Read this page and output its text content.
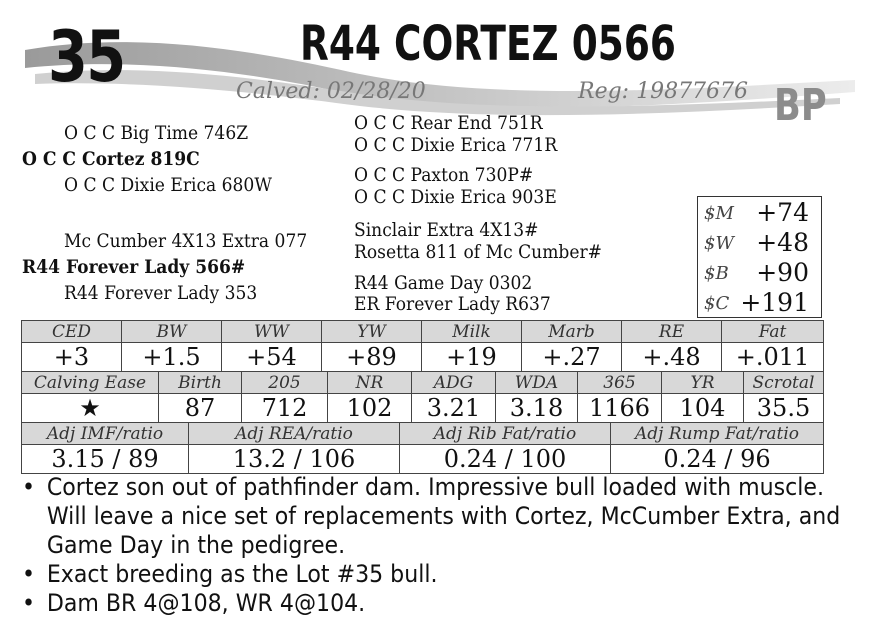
35	R44 CORTEZ 0566
Calved: 02/28/20	Reg: 19877676 BP
O C C Big Time 746Z
O C C Cortez 819C
O C C Dixie Erica 680W
Mc Cumber 4X13 Extra 077
R44 Forever Lady 566#
R44 Forever Lady 353
O C C Rear End 751R
O C C Dixie Erica 771R
O C C Paxton 730P#
O C C Dixie Erica 903E
Sinclair Extra 4X13#
Rosetta 811 of Mc Cumber#
R44 Game Day 0302
ER Forever Lady R637
$M +74
$W +48
$B +90
$C +191
CED	BW	WW	YW	Milk	Marb	RE	Fat
+3	+1.5	+54	+89	+19	+.27	+.48	+.011
Calving Ease	Birth	205	NR	ADG	WDA	365	YR	Scrotal
★	87	712	102	3.21	3.18	1166	104	35.5
Adj IMF/ratio	Adj REA/ratio	Adj Rib Fat/ratio	Adj Rump Fat/ratio
3.15 / 89	13.2 / 106	0.24 / 100	0.24 / 96
• Cortez son out of pathfinder dam. Impressive bull loaded with muscle. Will leave a nice set of replacements with Cortez, McCumber Extra, and Game Day in the pedigree.
• Exact breeding as the Lot #35 bull.
• Dam BR 4@108, WR 4@104.
